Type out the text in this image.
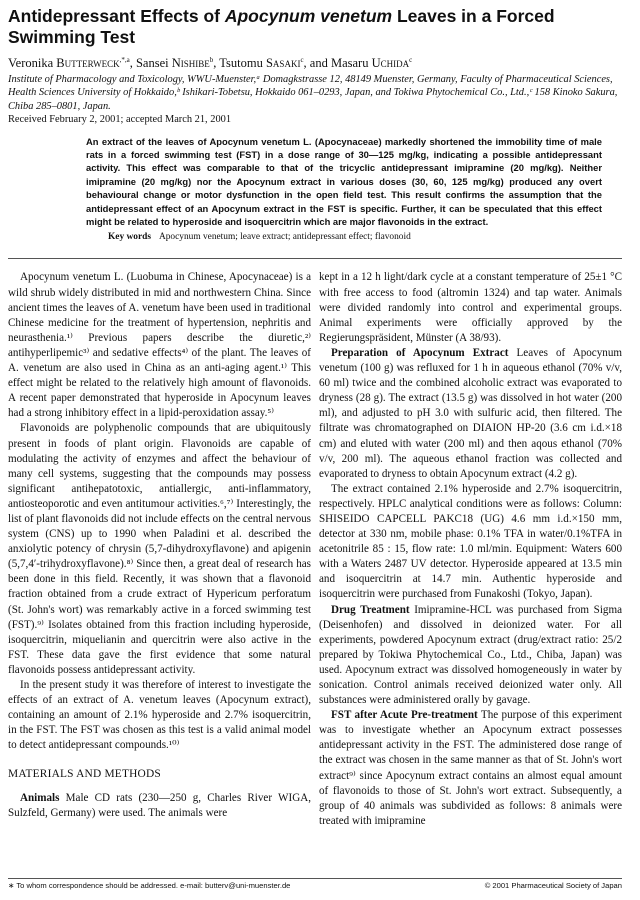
Antidepressant Effects of Apocynum venetum Leaves in a Forced Swimming Test
Veronika Butterweck$^{,*,a}$, Sansei Nishibe$^b$, Tsutomu Sasaki$^c$, and Masaru Uchida$^c$
Institute of Pharmacology and Toxicology, WWU-Muenster,ᵃ Domagkstrasse 12, 48149 Muenster, Germany, Faculty of Pharmaceutical Sciences, Health Sciences University of Hokkaido,ᵇ Ishikari-Tobetsu, Hokkaido 061–0293, Japan, and Tokiwa Phytochemical Co., Ltd.,ᶜ 158 Kinoko Sakura, Chiba 285–0801, Japan.
Received February 2, 2001; accepted March 21, 2001
An extract of the leaves of Apocynum venetum L. (Apocynaceae) markedly shortened the immobility time of male rats in a forced swimming test (FST) in a dose range of 30—125 mg/kg, indicating a possible antidepressant activity. This effect was comparable to that of the tricyclic antidepressant imipramine (20 mg/kg). Neither imipramine (20 mg/kg) nor the Apocynum extract in various doses (30, 60, 125 mg/kg) produced any overt behavioural change or motor dysfunction in the open field test. This result confirms the assumption that the antidepressant effect of an Apocynum extract in the FST is specific. Further, it can be speculated that this effect might be related to hyperoside and isoquercitrin which are major flavonoids in the extract.
Key words Apocynum venetum; leave extract; antidepressant effect; flavonoid

Apocynum venetum L. (Luobuma in Chinese, Apocynaceae) is a wild shrub widely distributed in mid and northwestern China. Since ancient times the leaves of A. venetum have been used in traditional Chinese medicine for the treatment of hypertension, nephritis and neurasthenia.¹⁾ Previous papers describe the diuretic,²⁾ antihyperlipemic³⁾ and sedative effects⁴⁾ of the plant. The leaves of A. venetum are also used in China as an anti-aging agent.¹⁾ This effect might be related to the relatively high amount of flavonoids. A recent paper demonstrated that hyperoside in Apocynum leaves had a strong inhibitory effect in a lipid-peroxidation assay.⁵⁾

Flavonoids are polyphenolic compounds that are ubiquitously present in foods of plant origin. Flavonoids are capable of modulating the activity of enzymes and affect the behaviour of many cell systems, suggesting that the compounds may possess significant antihepatotoxic, antiallergic, anti-inflammatory, antiosteoporotic and even antitumour activities.⁶,⁷⁾ Interestingly, the list of plant flavonoids did not include effects on the central nervous system (CNS) up to 1990 when Paladini et al. described the anxiolytic potency of chrysin (5,7-dihydroxyflavone) and apigenin (5,7,4′-trihydroxyflavone).⁸⁾ Since then, a great deal of research has been done in this field. Recently, it was shown that a flavonoid fraction obtained from a crude extract of Hypericum perforatum (St. John's wort) was remarkably active in a forced swimming test (FST).⁹⁾ Isolates obtained from this fraction including hyperoside, isoquercitrin, miquelianin and quercitrin were also active in the FST. These data gave the first evidence that some natural flavonoids possess antidepressant activity.

In the present study it was therefore of interest to investigate the effects of an extract of A. venetum leaves (Apocynum extract), containing an amount of 2.1% hyperoside and 2.7% isoquercitrin, in the FST. The FST was chosen as this test is a valid animal model to detect antidepressant compounds.¹⁰⁾

MATERIALS AND METHODS

Animals Male CD rats (230—250 g, Charles River WIGA, Sulzfeld, Germany) were used. The animals were

kept in a 12 h light/dark cycle at a constant temperature of 25±1 °C with free access to food (altromin 1324) and tap water. Animals were divided randomly into control and experimental groups. Animal experiments were officially approved by the Regierungspräsident, Münster (A 38/93).

Preparation of Apocynum Extract Leaves of Apocynum venetum (100 g) was refluxed for 1 h in aqueous ethanol (70% v/v, 60 ml) twice and the combined alcoholic extract was evaporated to dryness (28 g). The extract (13.5 g) was dissolved in hot water (200 ml), and adjusted to pH 3.0 with sulfuric acid, then filtered. The filtrate was chromatographed on DIAION HP-20 (3.6 cm i.d.×18 cm) and eluted with water (200 ml) and then aqous ethanol (70% v/v, 200 ml). The aqueous ethanol fraction was collected and evaporated to dryness to obtain Apocynum extract (4.2 g).

The extract contained 2.1% hyperoside and 2.7% isoquercitrin, respectively. HPLC analytical conditions were as follows: Column: SHISEIDO CAPCELL PAKC18 (UG) 4.6 mm i.d.×150 mm, detector at 330 nm, mobile phase: 0.1% TFA in water/0.1%TFA in acetonitrile 85 : 15, flow rate: 1.0 ml/min. Equipment: Waters 600 with a Waters 2487 UV detector. Hyperoside appeared at 13.5 min and isoquercitrin at 14.7 min. Authentic hyperoside and isoquercitrin were purchased from Funakoshi (Tokyo, Japan).

Drug Treatment Imipramine-HCL was purchased from Sigma (Deisenhofen) and dissolved in deionized water. For all experiments, powdered Apocynum extract (drug/extract ratio: 25/2 prepared by Tokiwa Phytochemical Co., Ltd., Chiba, Japan) was used. Apocynum extract was dissolved homogeneously in water by sonication. Control animals received deionized water only. All substances were administered orally by gavage.

FST after Acute Pre-treatment The purpose of this experiment was to investigate whether an Apocynum extract possesses antidepressant activity in the FST. The administered dose range of the extract was chosen in the same manner as that of St. John's wort extract⁹⁾ since Apocynum extract contains an almost equal amount of flavonoids to those of St. John's wort extract. Subsequently, a group of 40 animals was subdivided as follows: 8 animals were treated with imipramine

∗ To whom correspondence should be addressed. e-mail: butterv@uni-muenster.de	© 2001 Pharmaceutical Society of Japan
